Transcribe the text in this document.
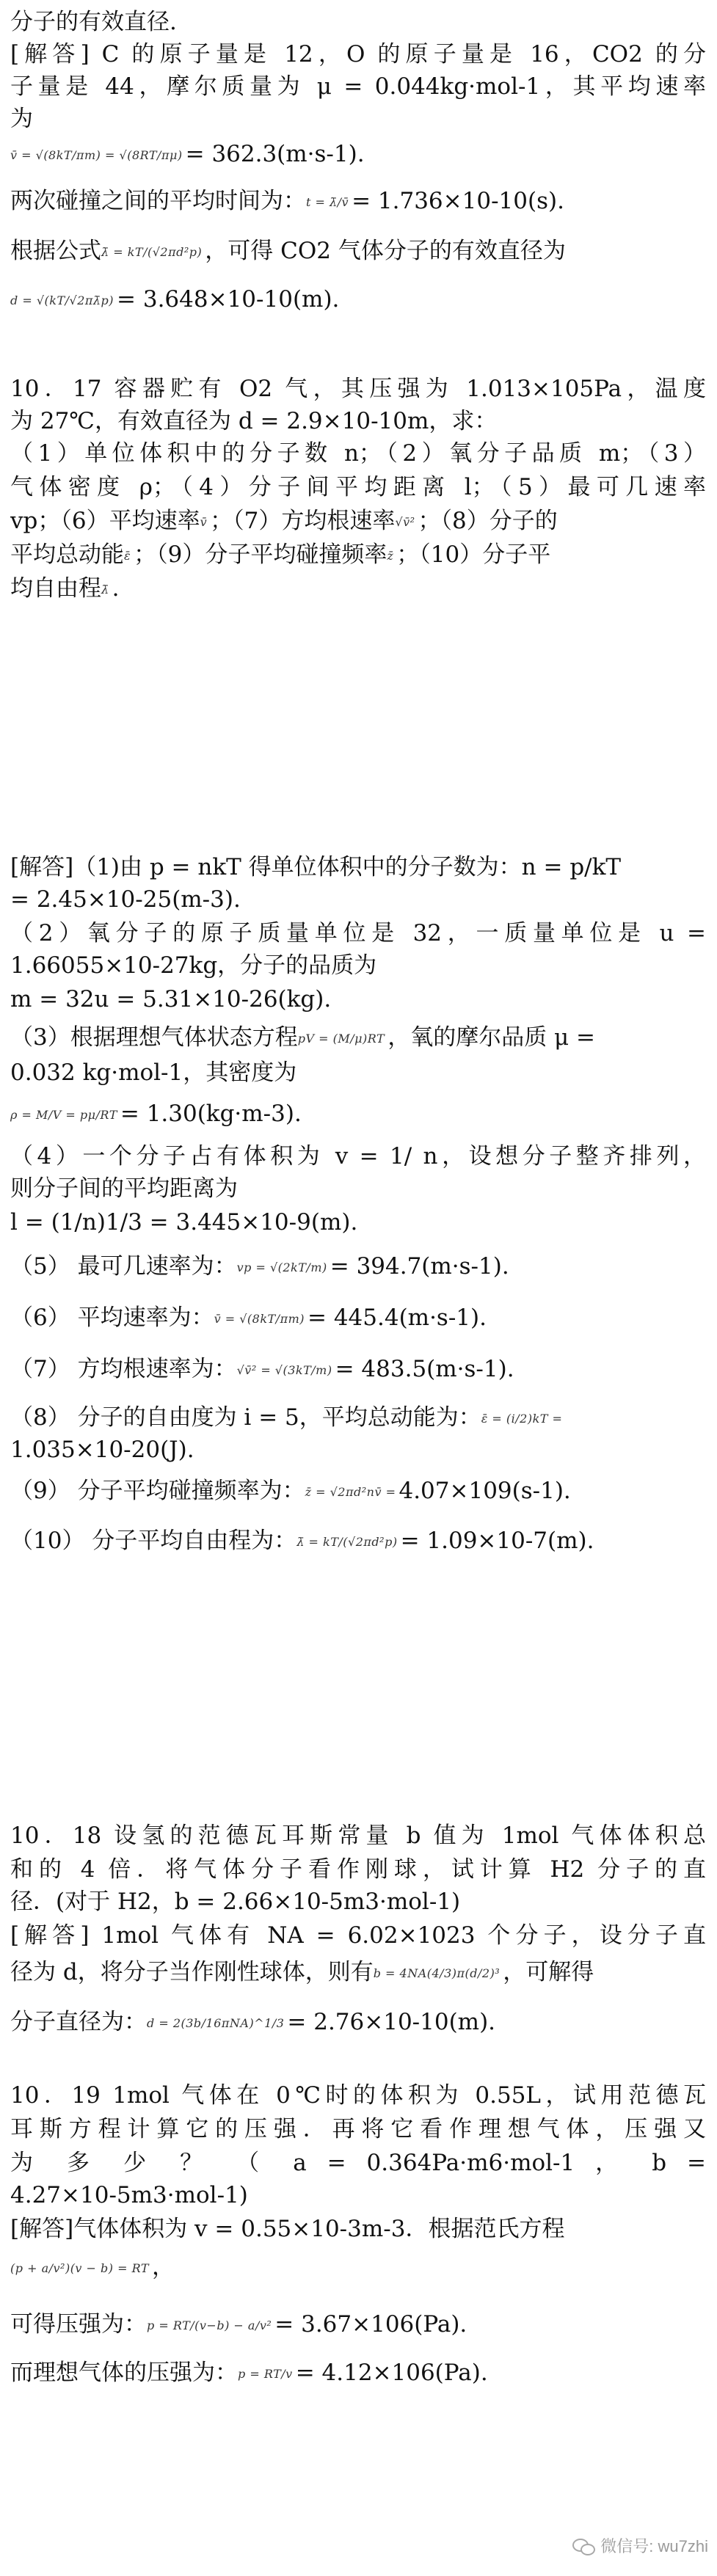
分子的有效直径.
[解答] C 的原子量是 12，O 的原子量是 16，CO2 的分
子量是 44，摩尔质量为 μ = 0.044kg·mol-1，其平均速率
为
v̄ = √(8kT/πm) = √(8RT/πμ) = 362.3(m·s-1).
两次碰撞之间的平均时间为：t = λ̄/v̄ = 1.736×10-10(s).
根据公式λ̄ = kT/(√2πd²p) ，可得 CO2 气体分子的有效直径为
d = √(kT/√2πλ̄p) = 3.648×10-10(m).
10．17 容器贮有 O2 气，其压强为 1.013×105Pa，温度
为 27℃，有效直径为 d = 2.9×10-10m，求：
（1）单位体积中的分子数 n；（2）氧分子品质 m；（3）
气体密度 ρ；（4）分子间平均距离 l；（5）最可几速率
vp；（6）平均速率v̄ ；（7）方均根速率√v̄² ；（8）分子的
平均总动能ε̄ ；（9）分子平均碰撞频率z̄ ；（10）分子平
均自由程λ̄ .
[解答]（1)由 p = nkT 得单位体积中的分子数为：n = p/kT
= 2.45×10-25(m-3).
（2）氧分子的原子质量单位是 32，一质量单位是 u =
1.66055×10-27kg，分子的品质为
m = 32u = 5.31×10-26(kg).
（3）根据理想气体状态方程pV = (M/μ)RT ，氧的摩尔品质 μ =
0.032 kg·mol-1，其密度为
ρ = M/V = pμ/RT = 1.30(kg·m-3).
（4）一个分子占有体积为 v = 1/ n，设想分子整齐排列，
则分子间的平均距离为
l = (1/n)1/3 = 3.445×10-9(m).
（5） 最可几速率为：vp = √(2kT/m) = 394.7(m·s-1).
（6） 平均速率为：v̄ = √(8kT/πm) = 445.4(m·s-1).
（7） 方均根速率为：√v̄² = √(3kT/m) = 483.5(m·s-1).
（8） 分子的自由度为 i = 5，平均总动能为：ε̄ = (i/2)kT =
1.035×10-20(J).
（9） 分子平均碰撞频率为：z̄ = √2πd²nv̄ = 4.07×109(s-1).
（10） 分子平均自由程为：λ̄ = kT/(√2πd²p) = 1.09×10-7(m).
10．18 设氢的范德瓦耳斯常量 b 值为 1mol 气体体积总
和的 4 倍．将气体分子看作刚球，试计算 H2 分子的直
径．(对于 H2，b = 2.66×10-5m3·mol-1)
[解答] 1mol 气体有 NA = 6.02×1023 个分子，设分子直
径为 d，将分子当作刚性球体，则有b = 4NA(4/3)π(d/2)³ ，可解得
分子直径为：d = 2(3b/16πNA)^1/3 = 2.76×10-10(m).
10．19 1mol 气体在 0℃时的体积为 0.55L，试用范德瓦
耳斯方程计算它的压强．再将它看作理想气体，压强又
为 多 少 ？ （ a = 0.364Pa·m6·mol-1 ， b =
4.27×10-5m3·mol-1)
[解答]气体体积为 v = 0.55×10-3m-3．根据范氏方程
(p + a/v²)(v − b) = RT ，
可得压强为：p = RT/(v−b) − a/v² = 3.67×106(Pa).
而理想气体的压强为：p = RT/v = 4.12×106(Pa).
微信号: wu7zhi
